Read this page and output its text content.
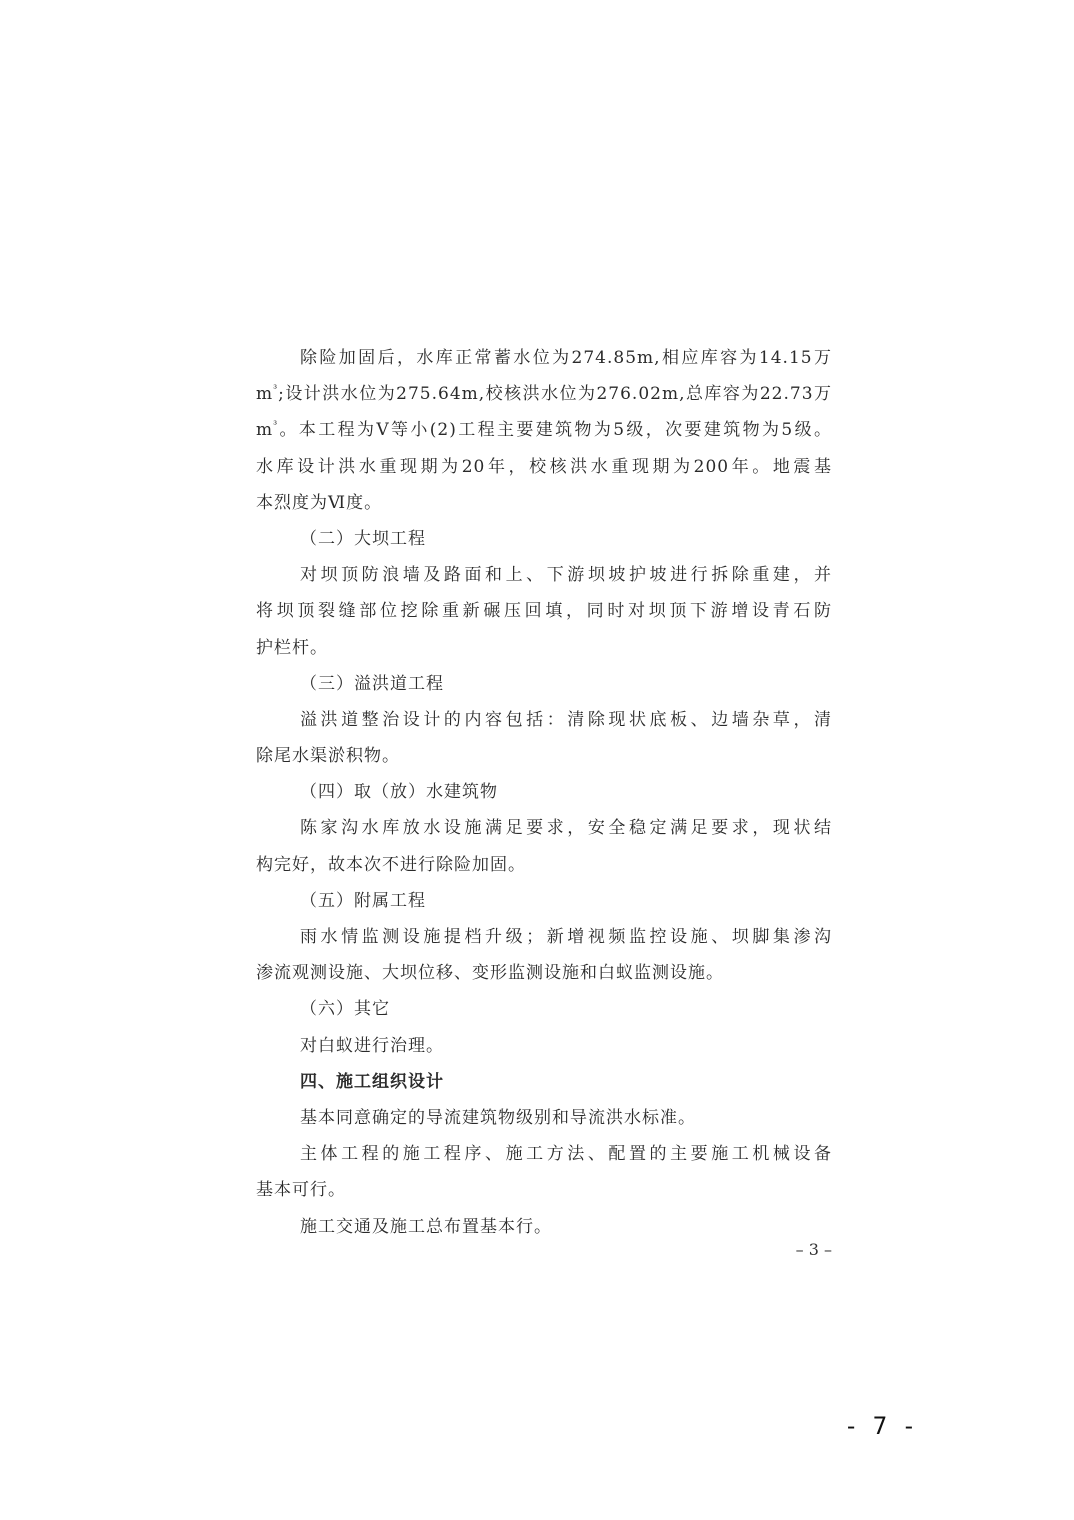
除险加固后，水库正常蓄水位为274.85m,相应库容为14.15万
$m^{^3}$;设计洪水位为275.64m,校核洪水位为276.02m,总库容为22.73万
$m^{^3}$。本工程为Ⅴ等小(2)工程主要建筑物为5级，次要建筑物为5级。
水库设计洪水重现期为20年，校核洪水重现期为200年。地震基
本烈度为Ⅵ度。
（二）大坝工程
对坝顶防浪墙及路面和上、下游坝坡护坡进行拆除重建，并
将坝顶裂缝部位挖除重新碾压回填，同时对坝顶下游增设青石防
护栏杆。
（三）溢洪道工程
溢洪道整治设计的内容包括：清除现状底板、边墙杂草，清
除尾水渠淤积物。
（四）取（放）水建筑物
陈家沟水库放水设施满足要求，安全稳定满足要求，现状结
构完好，故本次不进行除险加固。
（五）附属工程
雨水情监测设施提档升级；新增视频监控设施、坝脚集渗沟
渗流观测设施、大坝位移、变形监测设施和白蚁监测设施。
（六）其它
对白蚁进行治理。
四、施工组织设计
基本同意确定的导流建筑物级别和导流洪水标准。
主体工程的施工程序、施工方法、配置的主要施工机械设备
基本可行。
施工交通及施工总布置基本行。
– 3 –
- 7 -
